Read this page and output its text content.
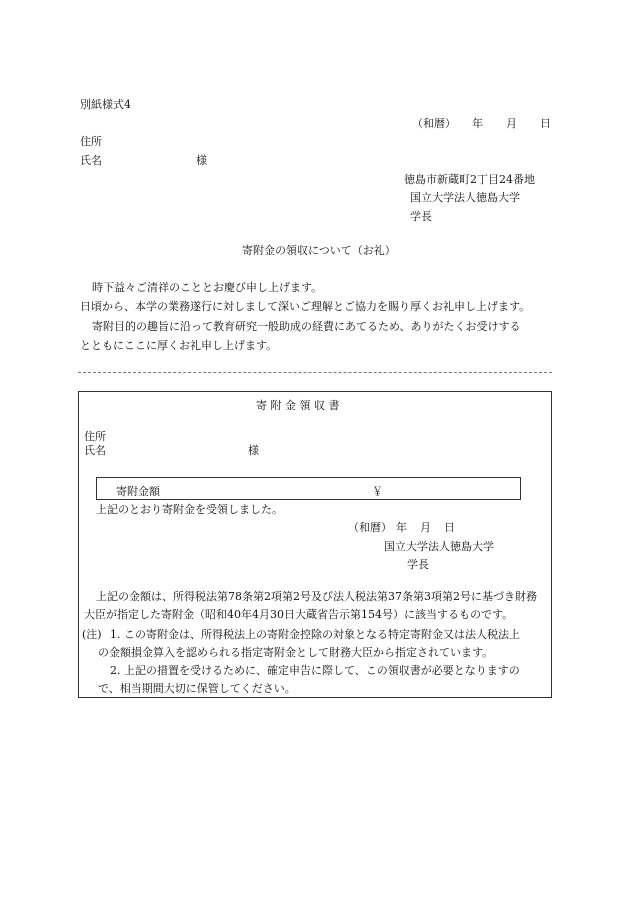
別紙様式4
（和暦） 年 月 日
住所
氏名	様
徳島市新蔵町2丁目24番地
国立大学法人徳島大学
学長
寄附金の領収について（お礼）
時下益々ご清祥のこととお慶び申し上げます。
日頃から、本学の業務遂行に対しまして深いご理解とご協力を賜り厚くお礼申し上げます。
寄附目的の趣旨に沿って教育研究一般助成の経費にあてるため、ありがたくお受けする
とともにここに厚くお礼申し上げます。
寄 附 金 領 収 書
住所
氏名	様
寄附金額	￥
上記のとおり寄附金を受領しました。
（和暦） 年 月 日
国立大学法人徳島大学
学長
上記の金額は、所得税法第78条第2項第2号及び法人税法第37条第3項第2号に基づき財務
大臣が指定した寄附金（昭和40年4月30日大蔵省告示第154号）に該当するものです。
(注) 1. この寄附金は、所得税法上の寄附金控除の対象となる特定寄附金又は法人税法上
の金額損金算入を認められる指定寄附金として財務大臣から指定されています。
2. 上記の措置を受けるために、確定申告に際して、この領収書が必要となりますの
で、相当期間大切に保管してください。
